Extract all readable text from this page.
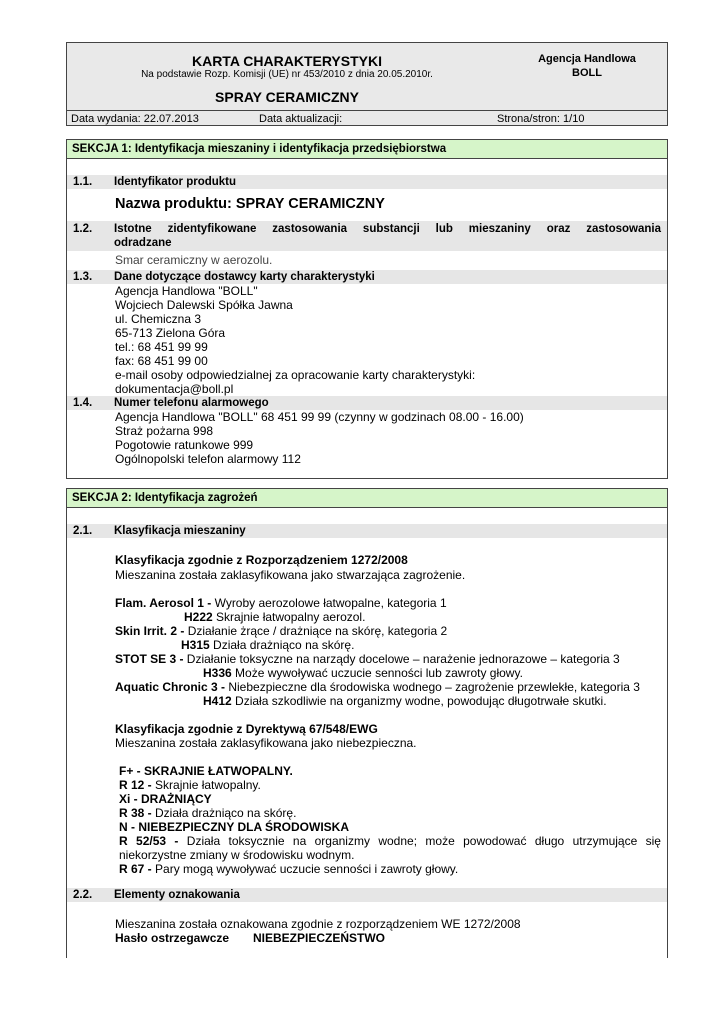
KARTA CHARAKTERYSTYKI
Na podstawie Rozp. Komisji (UE) nr 453/2010 z dnia 20.05.2010r.
SPRAY CERAMICZNY
Agencja Handlowa
BOLL
Data wydania: 22.07.2013	Data aktualizacji:	Strona/stron: 1/10
SEKCJA 1: Identyfikacja mieszaniny i identyfikacja przedsiębiorstwa
1.1. Identyfikator produktu
Nazwa produktu: SPRAY CERAMICZNY
1.2. Istotne zidentyfikowane zastosowania substancji lub mieszaniny oraz zastosowania
odradzane
Smar ceramiczny w aerozolu.
1.3. Dane dotyczące dostawcy karty charakterystyki
Agencja Handlowa "BOLL"
Wojciech Dalewski Spółka Jawna
ul. Chemiczna 3
65-713 Zielona Góra
tel.: 68 451 99 99
fax: 68 451 99 00
e-mail osoby odpowiedzialnej za opracowanie karty charakterystyki:
dokumentacja@boll.pl
1.4. Numer telefonu alarmowego
Agencja Handlowa "BOLL" 68 451 99 99 (czynny w godzinach 08.00 - 16.00)
Straż pożarna 998
Pogotowie ratunkowe 999
Ogólnopolski telefon alarmowy 112
SEKCJA 2: Identyfikacja zagrożeń
2.1. Klasyfikacja mieszaniny
Klasyfikacja zgodnie z Rozporządzeniem 1272/2008
Mieszanina została zaklasyfikowana jako stwarzająca zagrożenie.
Flam. Aerosol 1 - Wyroby aerozolowe łatwopalne, kategoria 1
H222 Skrajnie łatwopalny aerozol.
Skin Irrit. 2 - Działanie żrące / drażniące na skórę, kategoria 2
H315 Działa drażniąco na skórę.
STOT SE 3 - Działanie toksyczne na narządy docelowe – narażenie jednorazowe – kategoria 3
H336 Może wywoływać uczucie senności lub zawroty głowy.
Aquatic Chronic 3 - Niebezpieczne dla środowiska wodnego – zagrożenie przewlekłe, kategoria 3
H412 Działa szkodliwie na organizmy wodne, powodując długotrwałe skutki.
Klasyfikacja zgodnie z Dyrektywą 67/548/EWG
Mieszanina została zaklasyfikowana jako niebezpieczna.
F+ - SKRAJNIE ŁATWOPALNY.
R 12 - Skrajnie łatwopalny.
Xi - DRAŻNIĄCY
R 38 - Działa drażniąco na skórę.
N - NIEBEZPIECZNY DLA ŚRODOWISKA
R 52/53 - Działa toksycznie na organizmy wodne; może powodować długo utrzymujące się niekorzystne zmiany w środowisku wodnym.
R 67 - Pary mogą wywoływać uczucie senności i zawroty głowy.
2.2. Elementy oznakowania
Mieszanina została oznakowana zgodnie z rozporządzeniem WE 1272/2008
Hasło ostrzegawcze NIEBEZPIECZEŃSTWO
